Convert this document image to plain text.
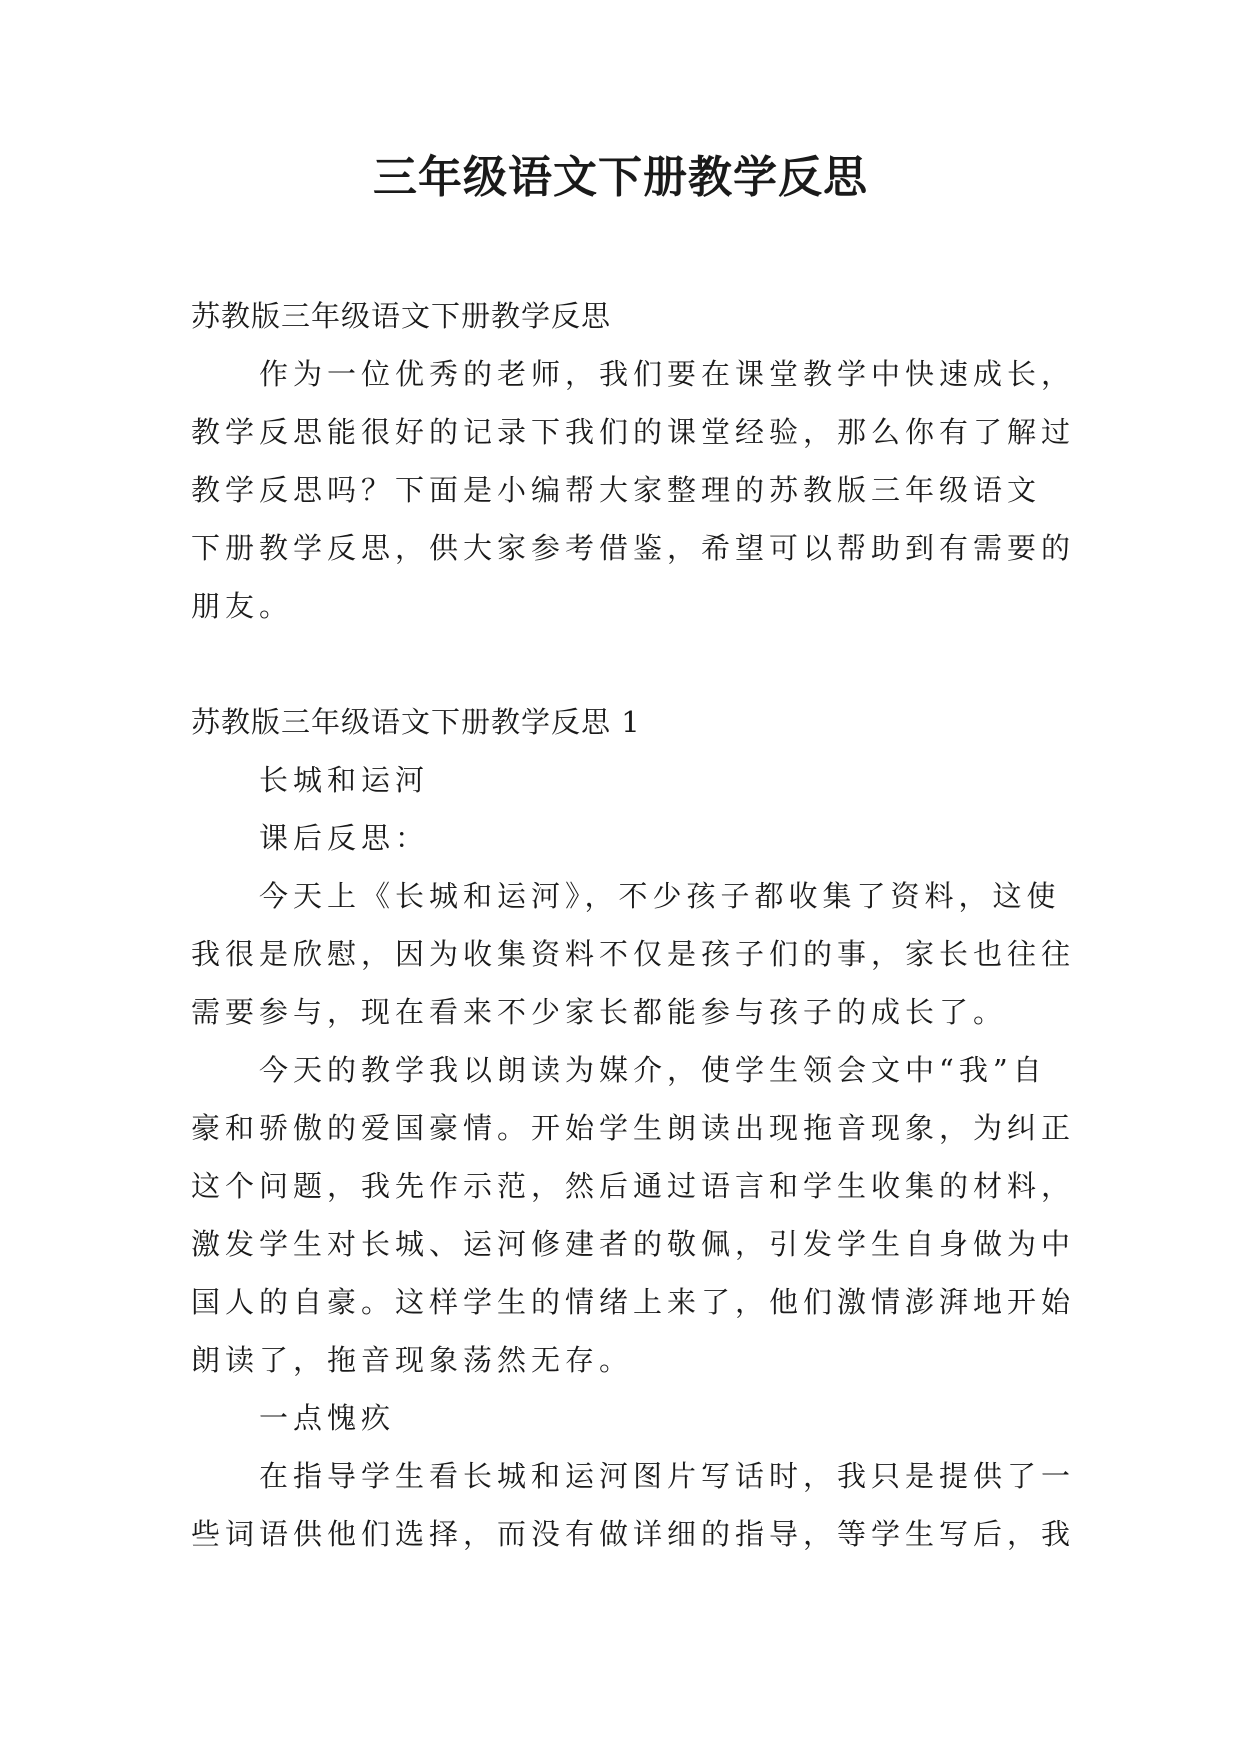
三年级语文下册教学反思
苏教版三年级语文下册教学反思
作为一位优秀的老师，我们要在课堂教学中快速成长，
教学反思能很好的记录下我们的课堂经验，那么你有了解过
教学反思吗？下面是小编帮大家整理的苏教版三年级语文
下册教学反思，供大家参考借鉴，希望可以帮助到有需要的
朋友。
苏教版三年级语文下册教学反思 1
长城和运河
课后反思：
今天上《长城和运河》，不少孩子都收集了资料，这使
我很是欣慰，因为收集资料不仅是孩子们的事，家长也往往
需要参与，现在看来不少家长都能参与孩子的成长了。
今天的教学我以朗读为媒介，使学生领会文中“我”自
豪和骄傲的爱国豪情。开始学生朗读出现拖音现象，为纠正
这个问题，我先作示范，然后通过语言和学生收集的材料，
激发学生对长城、运河修建者的敬佩，引发学生自身做为中
国人的自豪。这样学生的情绪上来了，他们激情澎湃地开始
朗读了，拖音现象荡然无存。
一点愧疚
在指导学生看长城和运河图片写话时，我只是提供了一
些词语供他们选择，而没有做详细的指导，等学生写后，我
